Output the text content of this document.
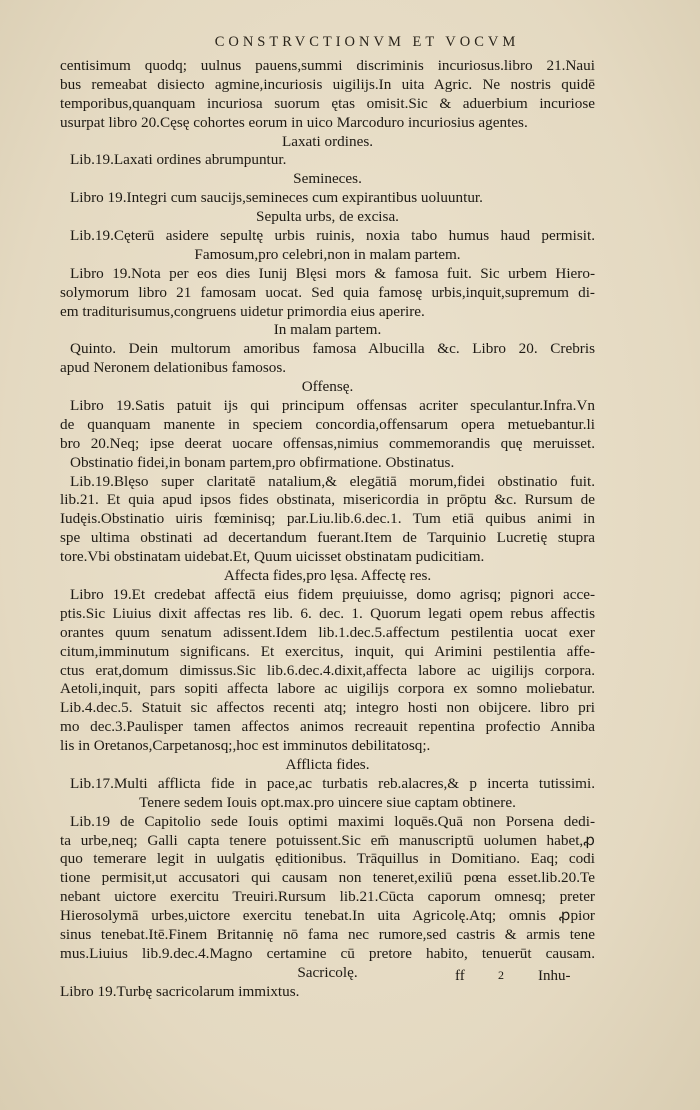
CONSTRVCTIONVM ET VOCVM
centisimum quodq; uulnus pauens,summi discriminis incuriosus.libro 21.Naui
bus remeabat disiecto agmine,incuriosis uigilijs.In uita Agric. Ne nostris quidē
temporibus,quanquam incuriosa suorum ętas omisit.Sic & aduerbium incuriose
usurpat libro 20.Cęsę cohortes eorum in uico Marcoduro incuriosius agentes.
Laxati ordines.
Lib.19.Laxati ordines abrumpuntur.
Semineces.
Libro 19.Integri cum saucijs,semineces cum expirantibus uoluuntur.
Sepulta urbs, de excisa.
Lib.19.Cęterū asidere sepultę urbis ruinis, noxia tabo humus haud permisit.
Famosum,pro celebri,non in malam partem.
Libro 19.Nota per eos dies Iunij Blęsi mors & famosa fuit. Sic urbem Hiero-
solymorum libro 21 famosam uocat. Sed quia famosę urbis,inquit,supremum di-
em traditurisumus,congruens uidetur primordia eius aperire.
In malam partem.
Quinto. Dein multorum amoribus famosa Albucilla &c. Libro 20. Crebris
apud Neronem delationibus famosos.
Offensę.
Libro 19.Satis patuit ijs qui principum offensas acriter speculantur.Infra.Vn
de quanquam manente in speciem concordia,offensarum opera metuebantur.li
bro 20.Neq; ipse deerat uocare offensas,nimius commemorandis quę meruisset.
Obstinatio fidei,in bonam partem,pro obfirmatione. Obstinatus.
Lib.19.Blęso super claritatē natalium,& elegātiā morum,fidei obstinatio fuit.
lib.21. Et quia apud ipsos fides obstinata, misericordia in prōptu &c. Rursum de
Iudęis.Obstinatio uiris fœminisq; par.Liu.lib.6.dec.1. Tum etiā quibus animi in
spe ultima obstinati ad decertandum fuerant.Item de Tarquinio Lucretię stupra
tore.Vbi obstinatam uidebat.Et, Quum uicisset obstinatam pudicitiam.
Affecta fides,pro lęsa. Affectę res.
Libro 19.Et credebat affectā eius fidem pręuiuisse, domo agrisq; pignori acce-
ptis.Sic Liuius dixit affectas res lib. 6. dec. 1. Quorum legati opem rebus affectis
orantes quum senatum adissent.Idem lib.1.dec.5.affectum pestilentia uocat exer
citum,imminutum significans. Et exercitus, inquit, qui Arimini pestilentia affe-
ctus erat,domum dimissus.Sic lib.6.dec.4.dixit,affecta labore ac uigilijs corpora.
Aetoli,inquit, pars sopiti affecta labore ac uigilijs corpora ex somno moliebatur.
Lib.4.dec.5. Statuit sic affectos recenti atq; integro hosti non obijcere. libro pri
mo dec.3.Paulisper tamen affectos animos recreauit repentina profectio Anniba
lis in Oretanos,Carpetanosq;,hoc est imminutos debilitatosq;.
Afflicta fides.
Lib.17.Multi afflicta fide in pace,ac turbatis reb.alacres,& p incerta tutissimi.
Tenere sedem Iouis opt.max.pro uincere siue captam obtinere.
Lib.19 de Capitolio sede Iouis optimi maximi loquēs.Quā non Porsena dedi-
ta urbe,neq; Galli capta tenere potuissent.Sic em̄ manuscriptū uolumen habet,ꝓ
quo temerare legit in uulgatis ęditionibus. Trāquillus in Domitiano. Eaq; codi
tione permisit,ut accusatori qui causam non teneret,exiliū pœna esset.lib.20.Te
nebant uictore exercitu Treuiri.Rursum lib.21.Cūcta caporum omnesq; preter
Hierosolymā urbes,uictore exercitu tenebat.In uita Agricolę.Atq; omnis ꝓpior
sinus tenebat.Itē.Finem Britannię nō fama nec rumore,sed castris & armis tene
mus.Liuius lib.9.dec.4.Magno certamine cū pretore habito, tenuerūt causam.
Sacricolę.
Libro 19.Turbę sacricolarum immixtus.
ff	2 Inhu-
